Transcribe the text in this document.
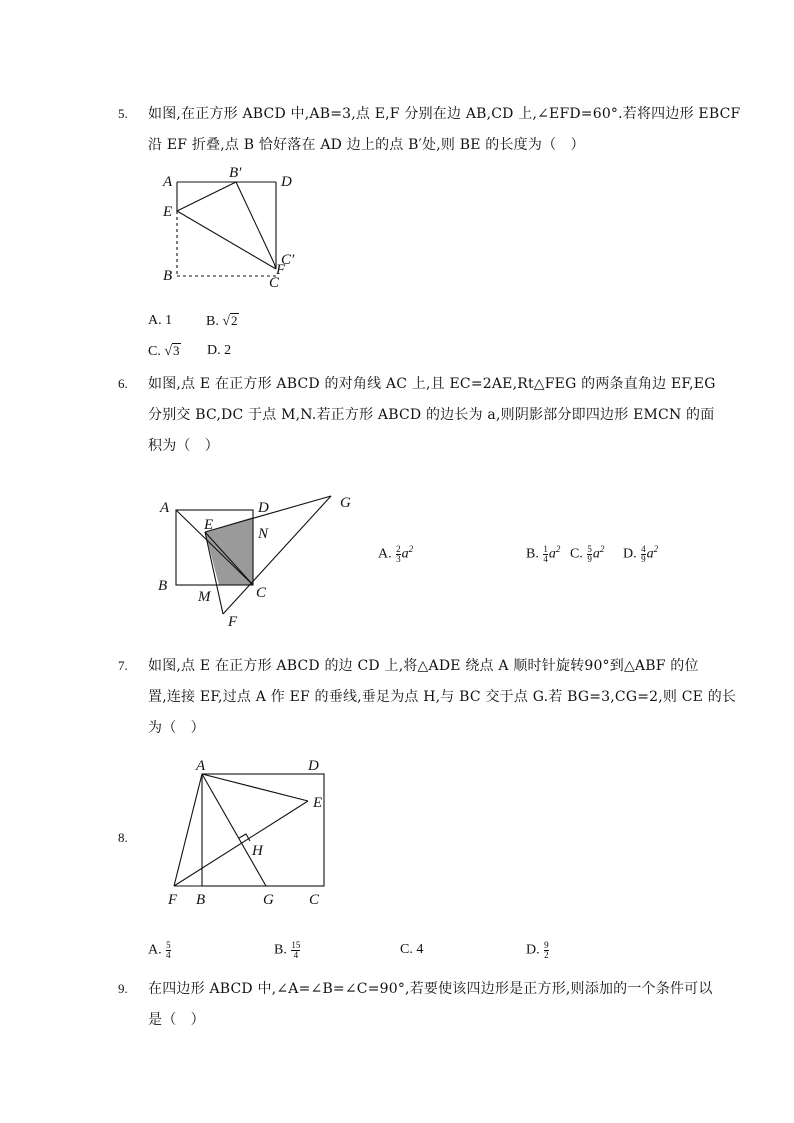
5. 如图,在正方形 ABCD 中,AB=3,点 E,F 分别在边 AB,CD 上,∠EFD=60°.若将四边形 EBCF
沿 EF 折叠,点 B 恰好落在 AD 边上的点 B′处,则 BE 的长度为（　）
A
B′
D
E
B
C′
F
C
A. 1 B. √2
C. √3 D. 2
6. 如图,点 E 在正方形 ABCD 的对角线 AC 上,且 EC=2AE,Rt△FEG 的两条直角边 EF,EG
分别交 BC,DC 于点 M,N.若正方形 ABCD 的边长为 a,则阴影部分即四边形 EMCN 的面
积为（　）
A	D	G
E
N
B
M	C
F
A. $\frac{2}{3} a^2$	B. $\frac{1}{4} a^2$ C. $\frac{5}{9} a^2$ D. $\frac{4}{9} a^2$
7. 如图,点 E 在正方形 ABCD 的边 CD 上,将△ADE 绕点 A 顺时针旋转90°到△ABF 的位
置,连接 EF,过点 A 作 EF 的垂线,垂足为点 H,与 BC 交于点 G.若 BG=3,CG=2,则 CE 的长
为（　）
A	D
E
H
F B	G C
8.
A. $\frac{5}{4}$	B. $\frac{15}{4}$	C. 4	D. $\frac{9}{2}$
9. 在四边形 ABCD 中,∠A=∠B=∠C=90°,若要使该四边形是正方形,则添加的一个条件可以
是（　）
